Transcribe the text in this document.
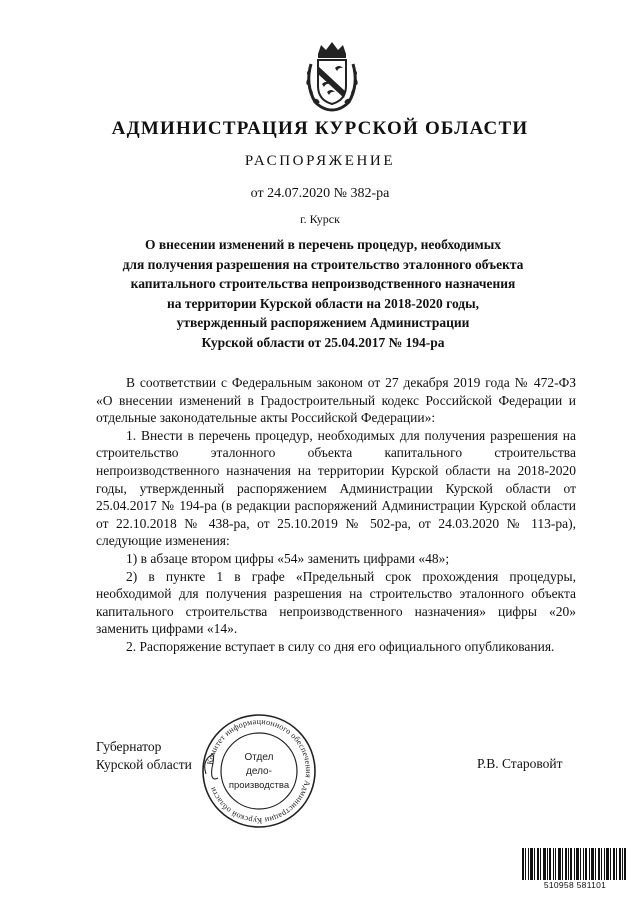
АДМИНИСТРАЦИЯ КУРСКОЙ ОБЛАСТИ
РАСПОРЯЖЕНИЕ
от 24.07.2020 № 382-ра
г. Курск
О внесении изменений в перечень процедур, необходимых
для получения разрешения на строительство эталонного объекта
капитального строительства непроизводственного назначения
на территории Курской области на 2018-2020 годы,
утвержденный распоряжением Администрации
Курской области от 25.04.2017 № 194-ра

В соответствии с Федеральным законом от 27 декабря 2019 года № 472-ФЗ «О внесении изменений в Градостроительный кодекс Российской Федерации и отдельные законодательные акты Российской Федерации»:

1. Внести в перечень процедур, необходимых для получения разрешения на строительство эталонного объекта капитального строительства непроизводственного назначения на территории Курской области на 2018-2020 годы, утвержденный распоряжением Администрации Курской области от 25.04.2017 № 194-ра (в редакции распоряжений Администрации Курской области от 22.10.2018 № 438-ра, от 25.10.2019 № 502-ра, от 24.03.2020 № 113-ра), следующие изменения:

1) в абзаце втором цифры «54» заменить цифрами «48»;

2) в пункте 1 в графе «Предельный срок прохождения процедуры, необходимой для получения разрешения на строительство эталонного объекта капитального строительства непроизводственного назначения» цифры «20» заменить цифрами «14».

2. Распоряжение вступает в силу со дня его официального опубликования.

Губернатор
Курской области	Комитет информационного обеспечения Администрации Курской области
Отдел
дело-
производства
Р.В. Старовойт
510958 581101
